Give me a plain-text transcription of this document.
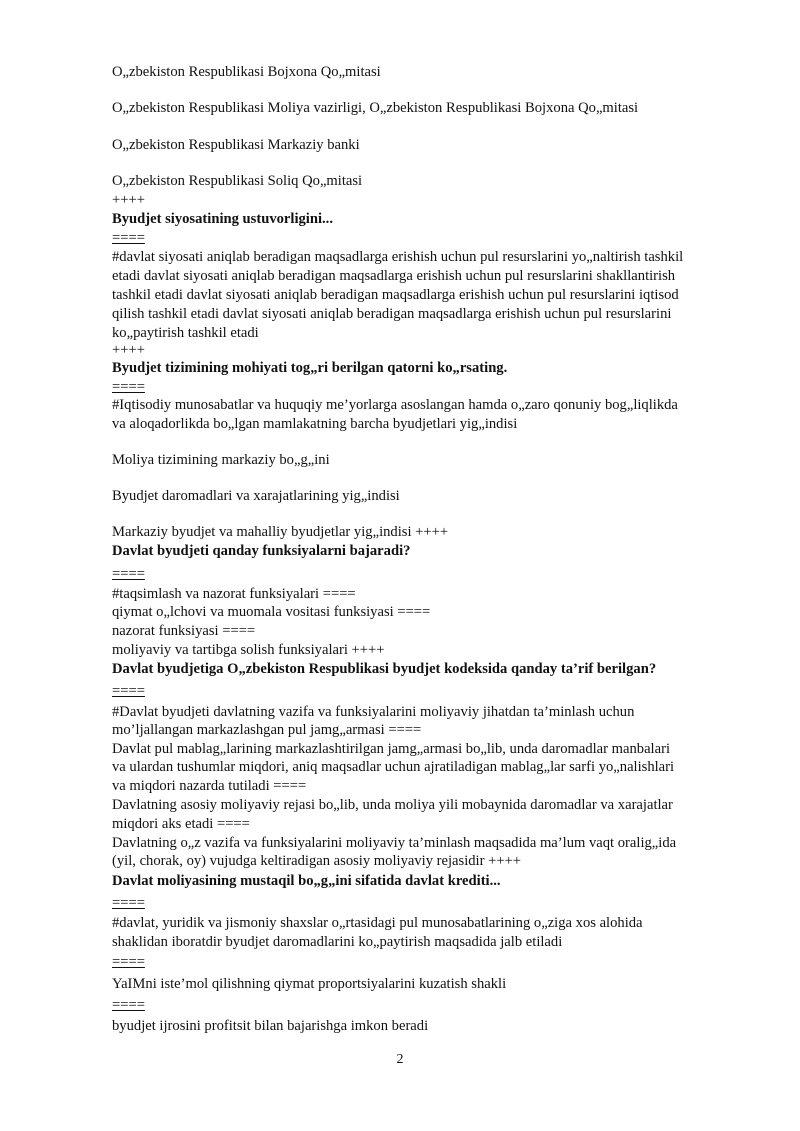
O„zbekiston Respublikasi Bojxona Qo„mitasi
O„zbekiston Respublikasi Moliya vazirligi, O„zbekiston Respublikasi Bojxona Qo„mitasi
O„zbekiston Respublikasi Markaziy banki
O„zbekiston Respublikasi Soliq Qo„mitasi
++++
Byudjet siyosatining ustuvorligini...
====
#davlat siyosati aniqlab beradigan maqsadlarga erishish uchun pul resurslarini yo„naltirish tashkil
etadi davlat siyosati aniqlab beradigan maqsadlarga erishish uchun pul resurslarini shakllantirish
tashkil etadi davlat siyosati aniqlab beradigan maqsadlarga erishish uchun pul resurslarini iqtisod
qilish tashkil etadi davlat siyosati aniqlab beradigan maqsadlarga erishish uchun pul resurslarini
ko„paytirish tashkil etadi
++++
Byudjet tizimining mohiyati tog„ri berilgan qatorni ko„rsating.
====
#Iqtisodiy munosabatlar va huquqiy me’yorlarga asoslangan hamda o„zaro qonuniy bog„liqlikda
va aloqadorlikda bo„lgan mamlakatning barcha byudjetlari yig„indisi
Moliya tizimining markaziy bo„g„ini
Byudjet daromadlari va xarajatlarining yig„indisi
Markaziy byudjet va mahalliy byudjetlar yig„indisi ++++
Davlat byudjeti qanday funksiyalarni bajaradi?
====
#taqsimlash va nazorat funksiyalari ====
qiymat o„lchovi va muomala vositasi funksiyasi ====
nazorat funksiyasi ====
moliyaviy va tartibga solish funksiyalari ++++
Davlat byudjetiga O„zbekiston Respublikasi byudjet kodeksida qanday ta’rif berilgan?
====
#Davlat byudjeti davlatning vazifa va funksiyalarini moliyaviy jihatdan ta’minlash uchun
mo’ljallangan markazlashgan pul jamg„armasi ====
Davlat pul mablag„larining markazlashtirilgan jamg„armasi bo„lib, unda daromadlar manbalari
va ulardan tushumlar miqdori, aniq maqsadlar uchun ajratiladigan mablag„lar sarfi yo„nalishlari
va miqdori nazarda tutiladi ====
Davlatning asosiy moliyaviy rejasi bo„lib, unda moliya yili mobaynida daromadlar va xarajatlar
miqdori aks etadi ====
Davlatning o„z vazifa va funksiyalarini moliyaviy ta’minlash maqsadida ma’lum vaqt oralig„ida
(yil, chorak, oy) vujudga keltiradigan asosiy moliyaviy rejasidir ++++
Davlat moliyasining mustaqil bo„g„ini sifatida davlat krediti...
====
#davlat, yuridik va jismoniy shaxslar o„rtasidagi pul munosabatlarining o„ziga xos alohida
shaklidan iboratdir byudjet daromadlarini ko„paytirish maqsadida jalb etiladi
====
YaIMni iste’mol qilishning qiymat proportsiyalarini kuzatish shakli
====
byudjet ijrosini profitsit bilan bajarishga imkon beradi
2
